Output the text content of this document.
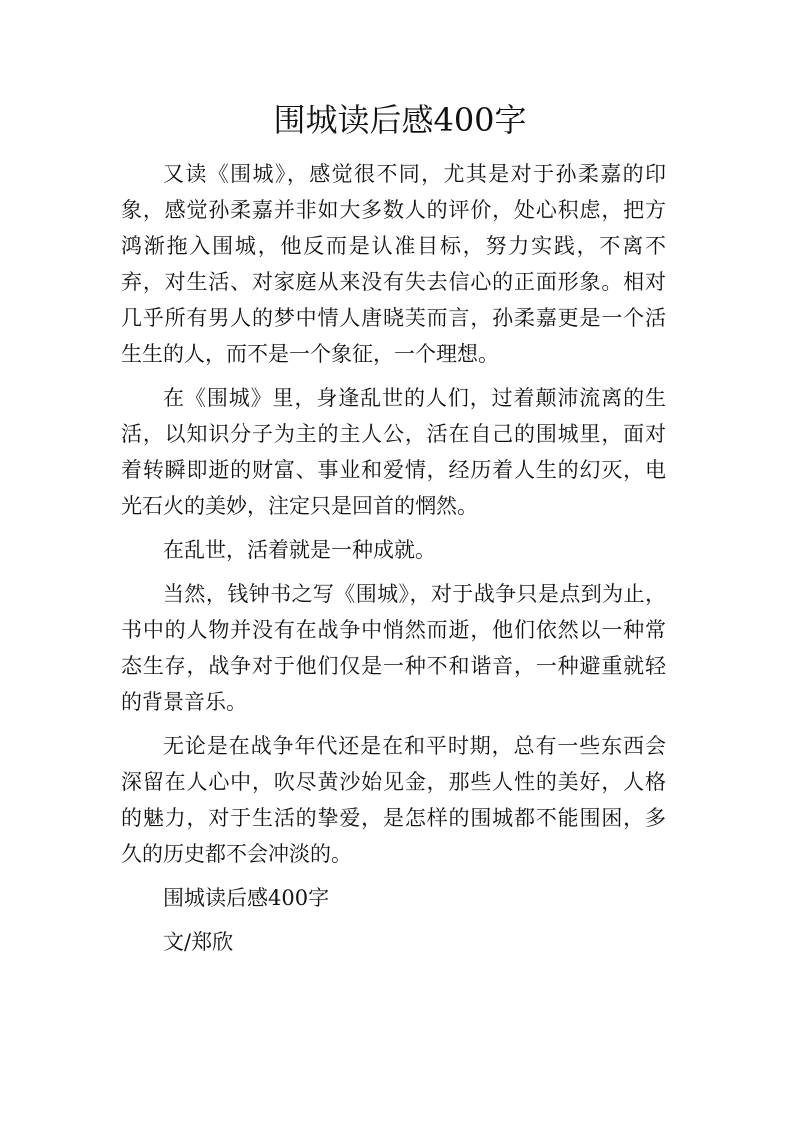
围城读后感400字

又读《围城》，感觉很不同，尤其是对于孙柔嘉的印象，感觉孙柔嘉并非如大多数人的评价，处心积虑，把方鸿渐拖入围城，他反而是认准目标，努力实践，不离不弃，对生活、对家庭从来没有失去信心的正面形象。相对几乎所有男人的梦中情人唐晓芙而言，孙柔嘉更是一个活生生的人，而不是一个象征，一个理想。

在《围城》里，身逢乱世的人们，过着颠沛流离的生活，以知识分子为主的主人公，活在自己的围城里，面对着转瞬即逝的财富、事业和爱情，经历着人生的幻灭，电光石火的美妙，注定只是回首的惘然。

在乱世，活着就是一种成就。

当然，钱钟书之写《围城》，对于战争只是点到为止，书中的人物并没有在战争中悄然而逝，他们依然以一种常态生存，战争对于他们仅是一种不和谐音，一种避重就轻的背景音乐。

无论是在战争年代还是在和平时期，总有一些东西会深留在人心中，吹尽黄沙始见金，那些人性的美好，人格的魅力，对于生活的挚爱，是怎样的围城都不能围困，多久的历史都不会冲淡的。

围城读后感400字

文/郑欣
